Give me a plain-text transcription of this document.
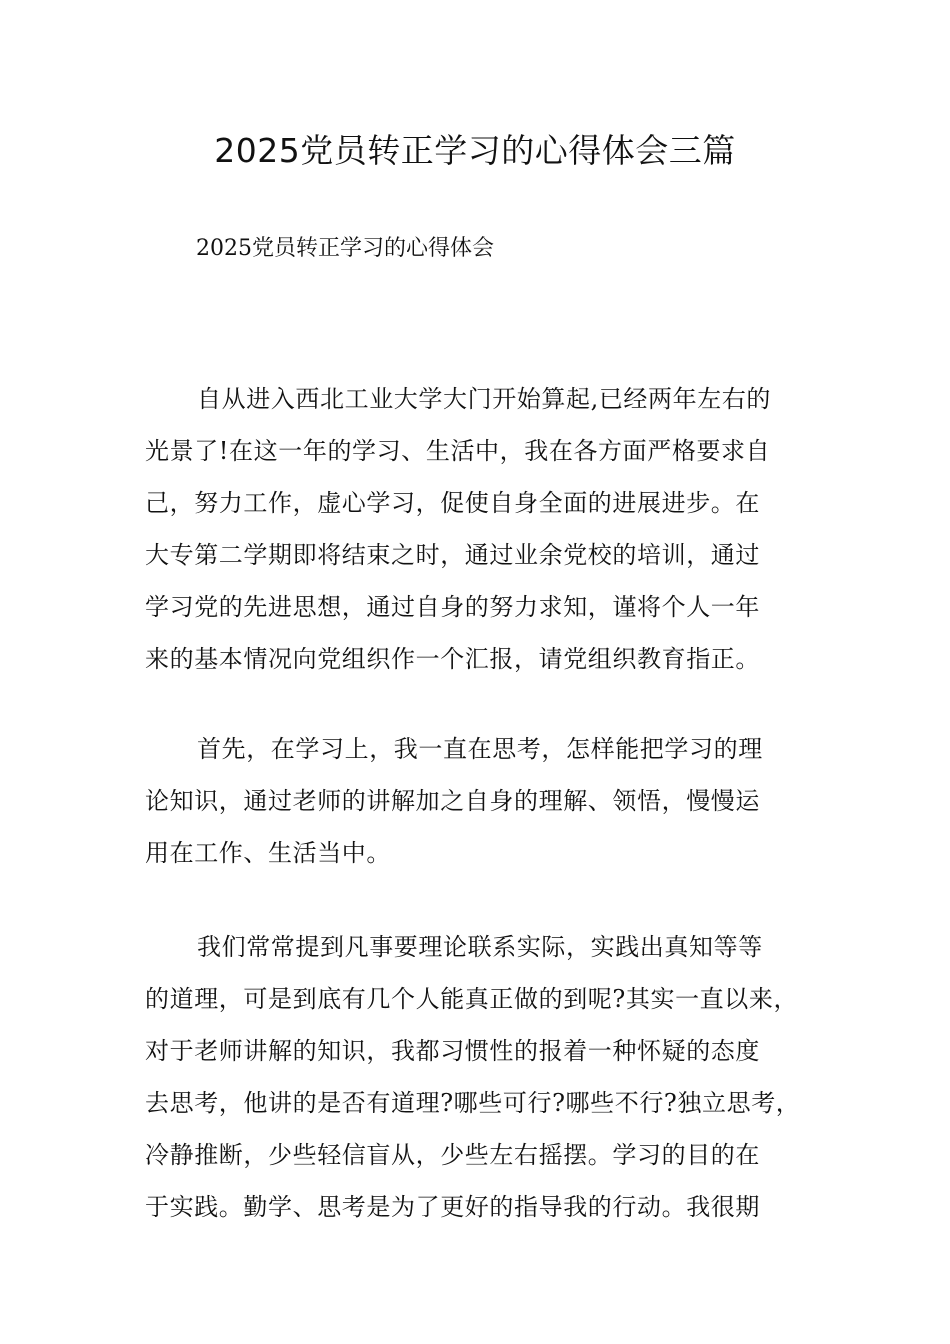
2025党员转正学习的心得体会三篇
2025党员转正学习的心得体会
自从进入西北工业大学大门开始算起,已经两年左右的
光景了!在这一年的学习、生活中，我在各方面严格要求自
己，努力工作，虚心学习，促使自身全面的进展进步。在
大专第二学期即将结束之时，通过业余党校的培训，通过
学习党的先进思想，通过自身的努力求知，谨将个人一年
来的基本情况向党组织作一个汇报，请党组织教育指正。
首先，在学习上，我一直在思考，怎样能把学习的理
论知识，通过老师的讲解加之自身的理解、领悟，慢慢运
用在工作、生活当中。
我们常常提到凡事要理论联系实际，实践出真知等等
的道理，可是到底有几个人能真正做的到呢?其实一直以来，
对于老师讲解的知识，我都习惯性的报着一种怀疑的态度
去思考，他讲的是否有道理?哪些可行?哪些不行?独立思考，
冷静推断，少些轻信盲从，少些左右摇摆。学习的目的在
于实践。勤学、思考是为了更好的指导我的行动。我很期
